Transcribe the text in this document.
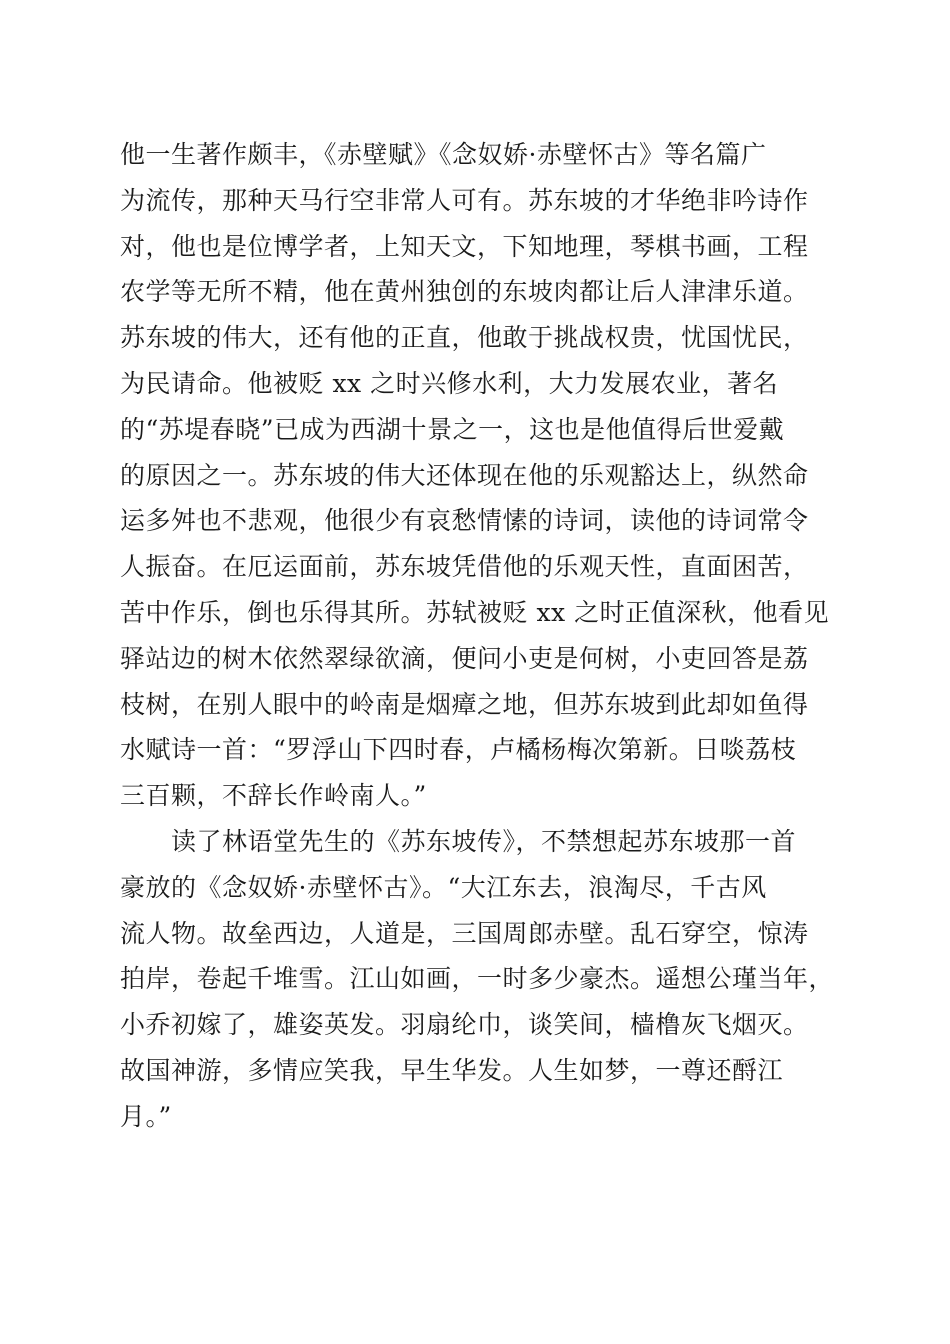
他一生著作颇丰，《赤壁赋》《念奴娇·赤壁怀古》等名篇广
为流传，那种天马行空非常人可有。苏东坡的才华绝非吟诗作
对，他也是位博学者，上知天文，下知地理，琴棋书画，工程
农学等无所不精，他在黄州独创的东坡肉都让后人津津乐道。
苏东坡的伟大，还有他的正直，他敢于挑战权贵，忧国忧民，
为民请命。他被贬 xx 之时兴修水利，大力发展农业，著名
的“苏堤春晓”已成为西湖十景之一，这也是他值得后世爱戴
的原因之一。苏东坡的伟大还体现在他的乐观豁达上，纵然命
运多舛也不悲观，他很少有哀愁情愫的诗词，读他的诗词常令
人振奋。在厄运面前，苏东坡凭借他的乐观天性，直面困苦，
苦中作乐，倒也乐得其所。苏轼被贬 xx 之时正值深秋，他看见
驿站边的树木依然翠绿欲滴，便问小吏是何树，小吏回答是荔
枝树，在别人眼中的岭南是烟瘴之地，但苏东坡到此却如鱼得
水赋诗一首：“罗浮山下四时春，卢橘杨梅次第新。日啖荔枝
三百颗，不辞长作岭南人。”
　　读了林语堂先生的《苏东坡传》，不禁想起苏东坡那一首
豪放的《念奴娇·赤壁怀古》。“大江东去，浪淘尽，千古风
流人物。故垒西边，人道是，三国周郎赤壁。乱石穿空，惊涛
拍岸，卷起千堆雪。江山如画，一时多少豪杰。遥想公瑾当年，
小乔初嫁了，雄姿英发。羽扇纶巾，谈笑间，樯橹灰飞烟灭。
故国神游，多情应笑我，早生华发。人生如梦，一尊还酹江
月。”
